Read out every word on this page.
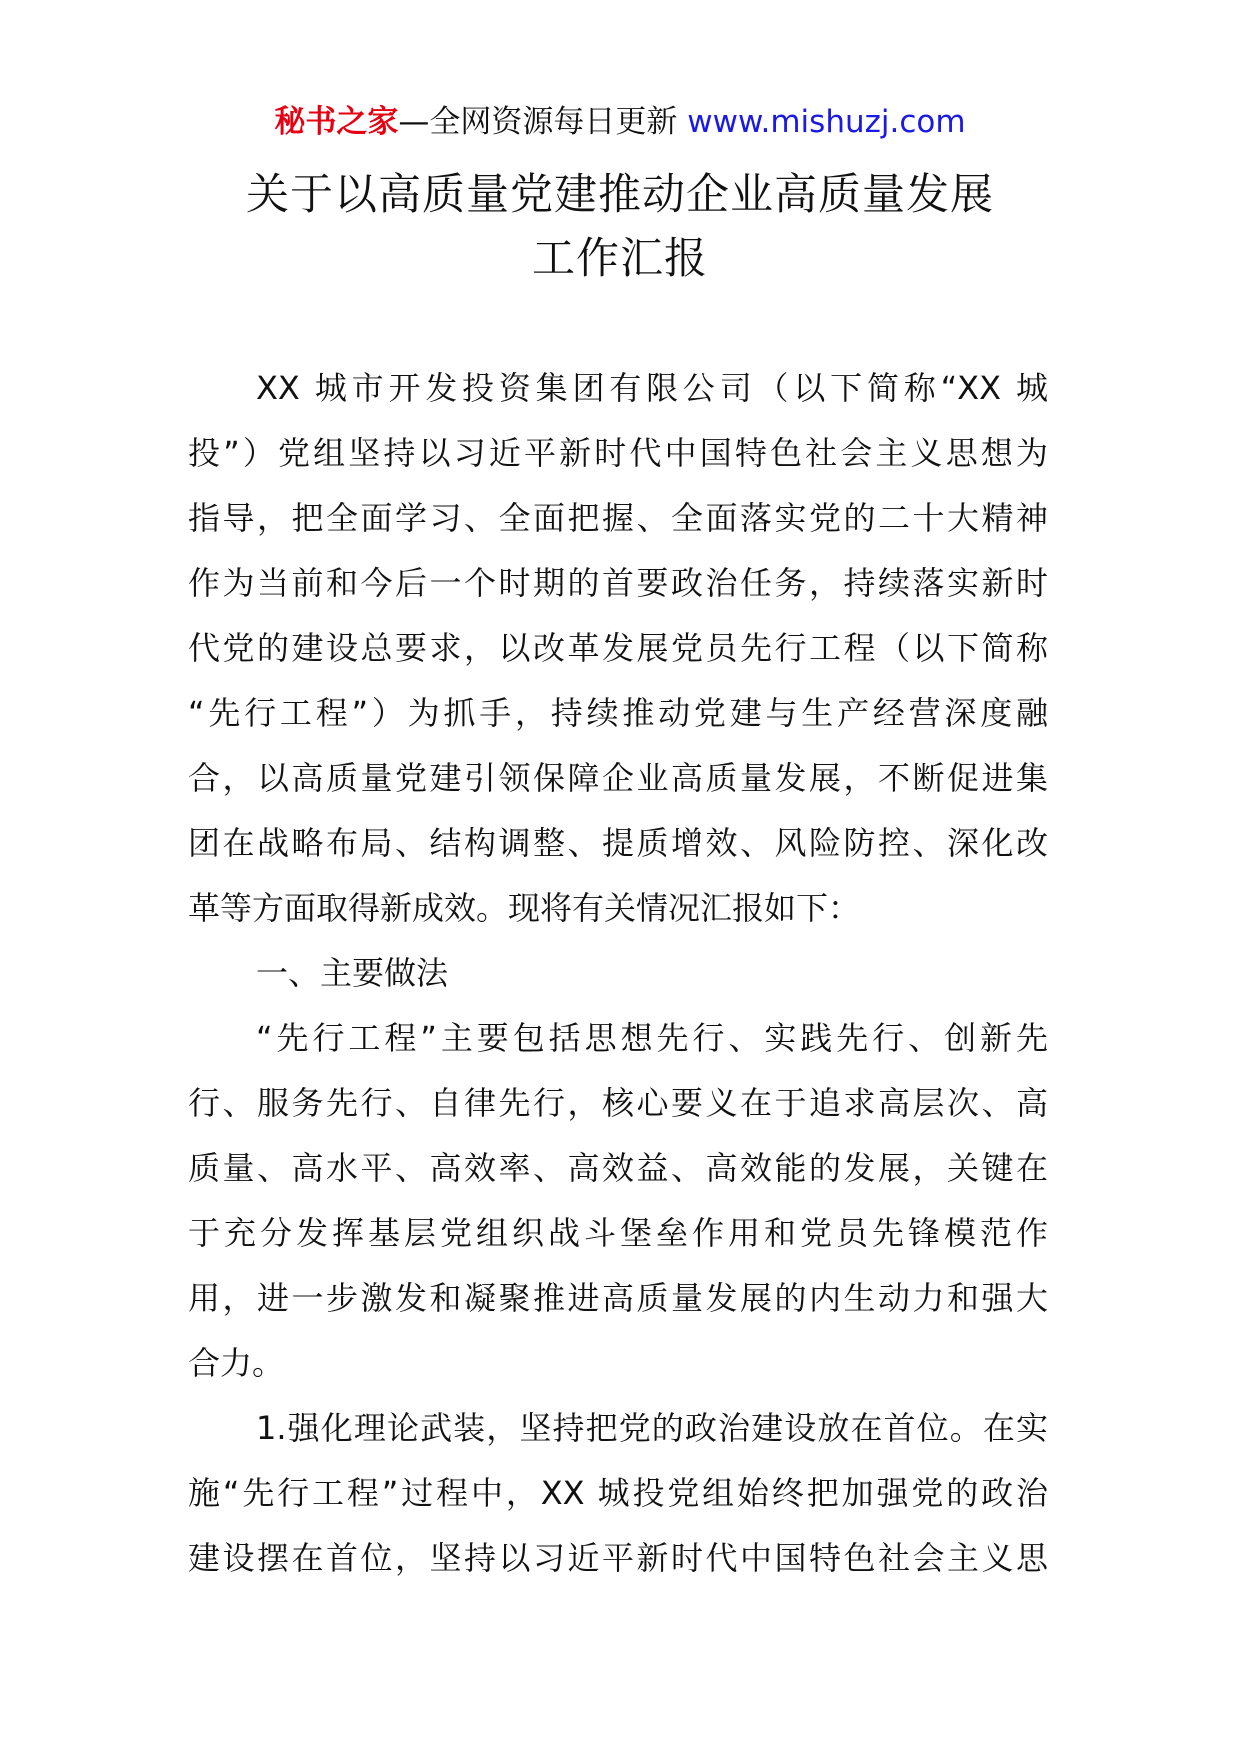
秘书之家—全网资源每日更新 www.mishuzj.com
关于以高质量党建推动企业高质量发展
工作汇报
XX 城市开发投资集团有限公司（以下简称“XX 城
投”）党组坚持以习近平新时代中国特色社会主义思想为
指导，把全面学习、全面把握、全面落实党的二十大精神
作为当前和今后一个时期的首要政治任务，持续落实新时
代党的建设总要求，以改革发展党员先行工程（以下简称
“先行工程”）为抓手，持续推动党建与生产经营深度融
合，以高质量党建引领保障企业高质量发展，不断促进集
团在战略布局、结构调整、提质增效、风险防控、深化改
革等方面取得新成效。现将有关情况汇报如下：
一、主要做法
“先行工程”主要包括思想先行、实践先行、创新先
行、服务先行、自律先行，核心要义在于追求高层次、高
质量、高水平、高效率、高效益、高效能的发展，关键在
于充分发挥基层党组织战斗堡垒作用和党员先锋模范作
用，进一步激发和凝聚推进高质量发展的内生动力和强大
合力。
1.强化理论武装，坚持把党的政治建设放在首位。在实
施“先行工程”过程中，XX 城投党组始终把加强党的政治
建设摆在首位，坚持以习近平新时代中国特色社会主义思
